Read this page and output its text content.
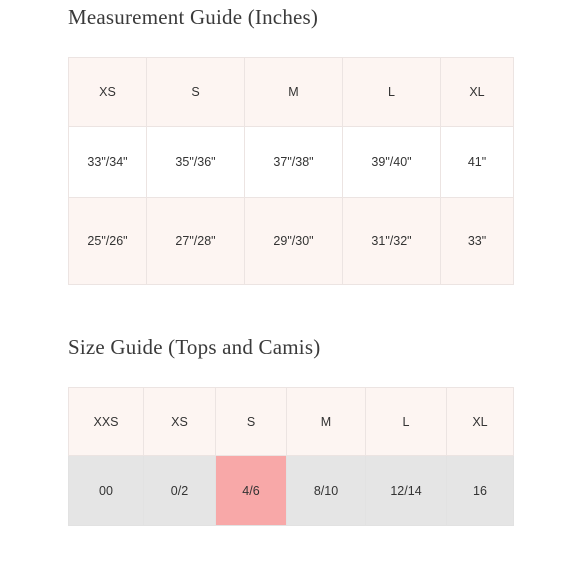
Measurement Guide (Inches)
XS	S	M	L	XL
33"/34"	35"/36"	37"/38"	39"/40"	41"
25"/26"	27"/28"	29"/30"	31"/32"	33"
Size Guide (Tops and Camis)
XXS	XS	S	M	L	XL
00	0/2	4/6	8/10	12/14	16
